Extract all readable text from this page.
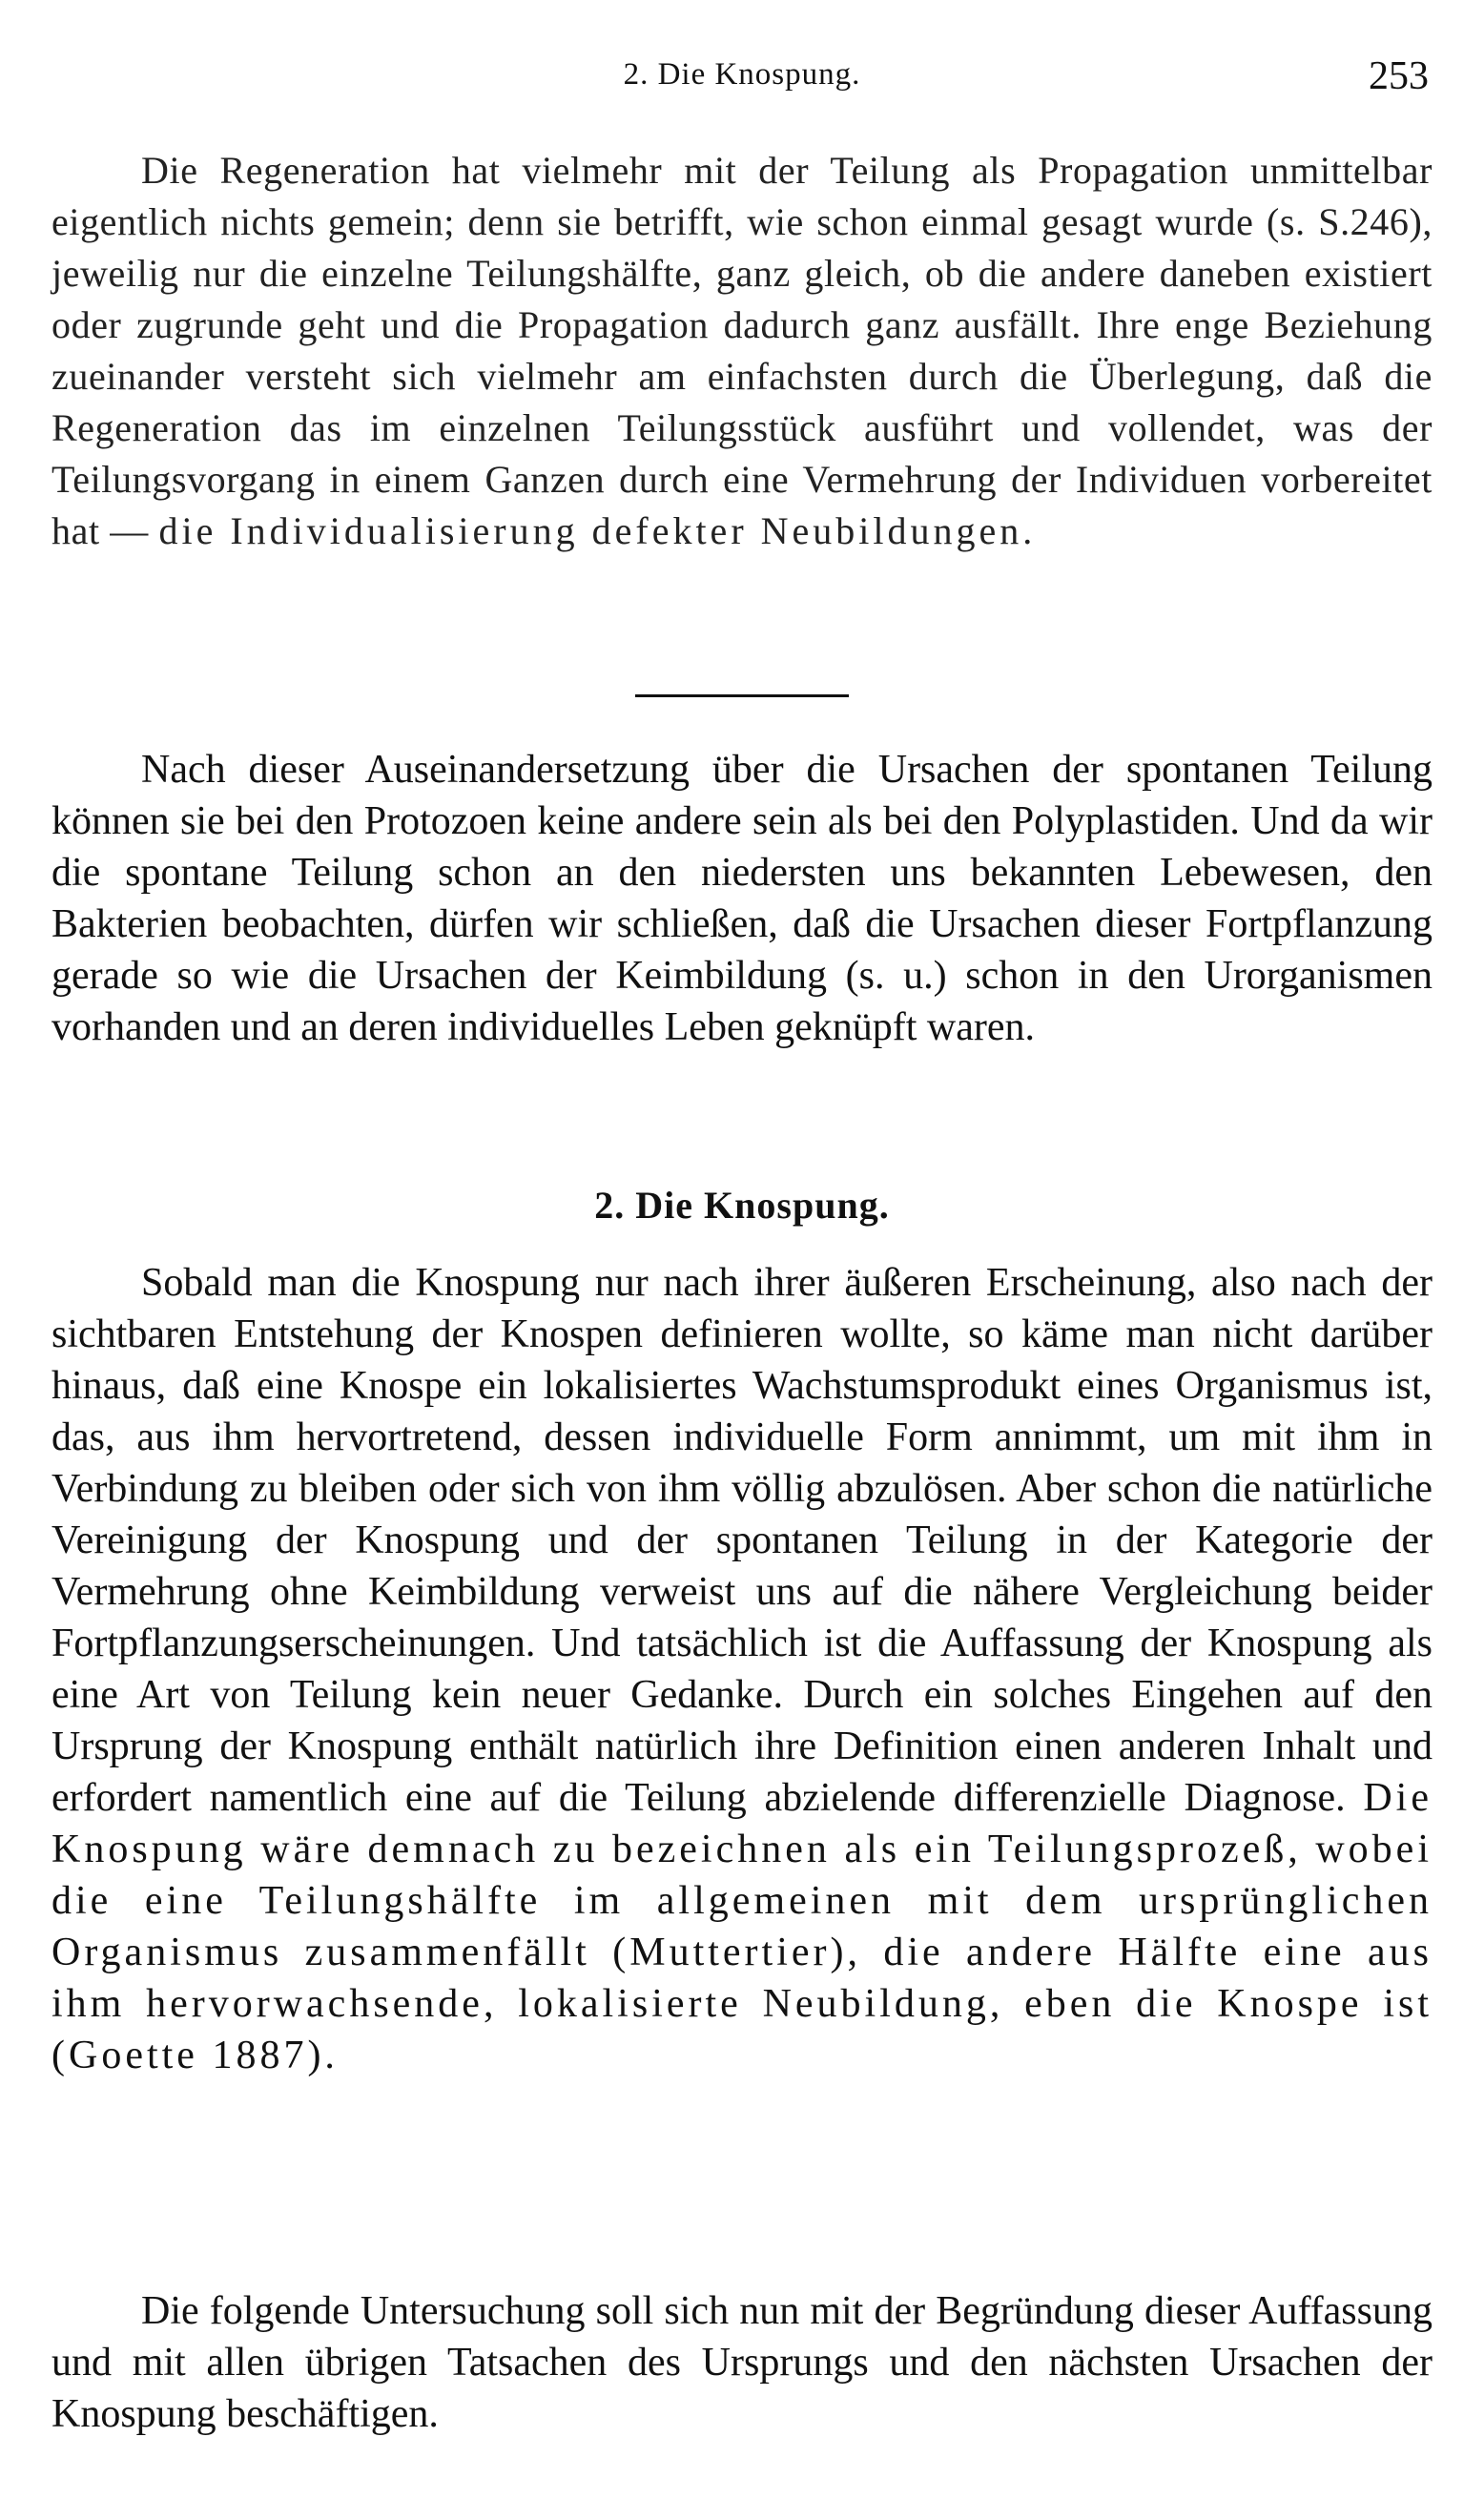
2. Die Knospung.	253

Die Regeneration hat vielmehr mit der Teilung als Propagation unmittelbar eigentlich nichts gemein; denn sie betrifft, wie schon einmal gesagt wurde (s. S.246), jeweilig nur die einzelne Teilungshälfte, ganz gleich, ob die andere daneben existiert oder zugrunde geht und die Propagation dadurch ganz ausfällt. Ihre enge Beziehung zueinander versteht sich vielmehr am einfachsten durch die Überlegung, daß die Regeneration das im einzelnen Teilungsstück ausführt und vollendet, was der Teilungsvorgang in einem Ganzen durch eine Vermehrung der Individuen vorbereitet hat — die Individualisierung defekter Neubildungen.

Nach dieser Auseinandersetzung über die Ursachen der spontanen Teilung können sie bei den Protozoen keine andere sein als bei den Polyplastiden. Und da wir die spontane Teilung schon an den niedersten uns bekannten Lebewesen, den Bakterien beobachten, dürfen wir schließen, daß die Ursachen dieser Fortpflanzung gerade so wie die Ursachen der Keimbildung (s. u.) schon in den Urorganismen vorhanden und an deren individuelles Leben geknüpft waren.

2. Die Knospung.

Sobald man die Knospung nur nach ihrer äußeren Erscheinung, also nach der sichtbaren Entstehung der Knospen definieren wollte, so käme man nicht darüber hinaus, daß eine Knospe ein lokalisiertes Wachstumsprodukt eines Organismus ist, das, aus ihm hervortretend, dessen individuelle Form annimmt, um mit ihm in Verbindung zu bleiben oder sich von ihm völlig abzulösen. Aber schon die natürliche Vereinigung der Knospung und der spontanen Teilung in der Kategorie der Vermehrung ohne Keimbildung verweist uns auf die nähere Vergleichung beider Fortpflanzungserscheinungen. Und tatsächlich ist die Auffassung der Knospung als eine Art von Teilung kein neuer Gedanke. Durch ein solches Eingehen auf den Ursprung der Knospung enthält natürlich ihre Definition einen anderen Inhalt und erfordert namentlich eine auf die Teilung abzielende differenzielle Diagnose. Die Knospung wäre demnach zu bezeichnen als ein Teilungsprozeß, wobei die eine Teilungshälfte im allgemeinen mit dem ursprünglichen Organismus zusammenfällt (Muttertier), die andere Hälfte eine aus ihm hervorwachsende, lokalisierte Neubildung, eben die Knospe ist (Goette 1887).

Die folgende Untersuchung soll sich nun mit der Begründung dieser Auffassung und mit allen übrigen Tatsachen des Ursprungs und den nächsten Ursachen der Knospung beschäftigen.
